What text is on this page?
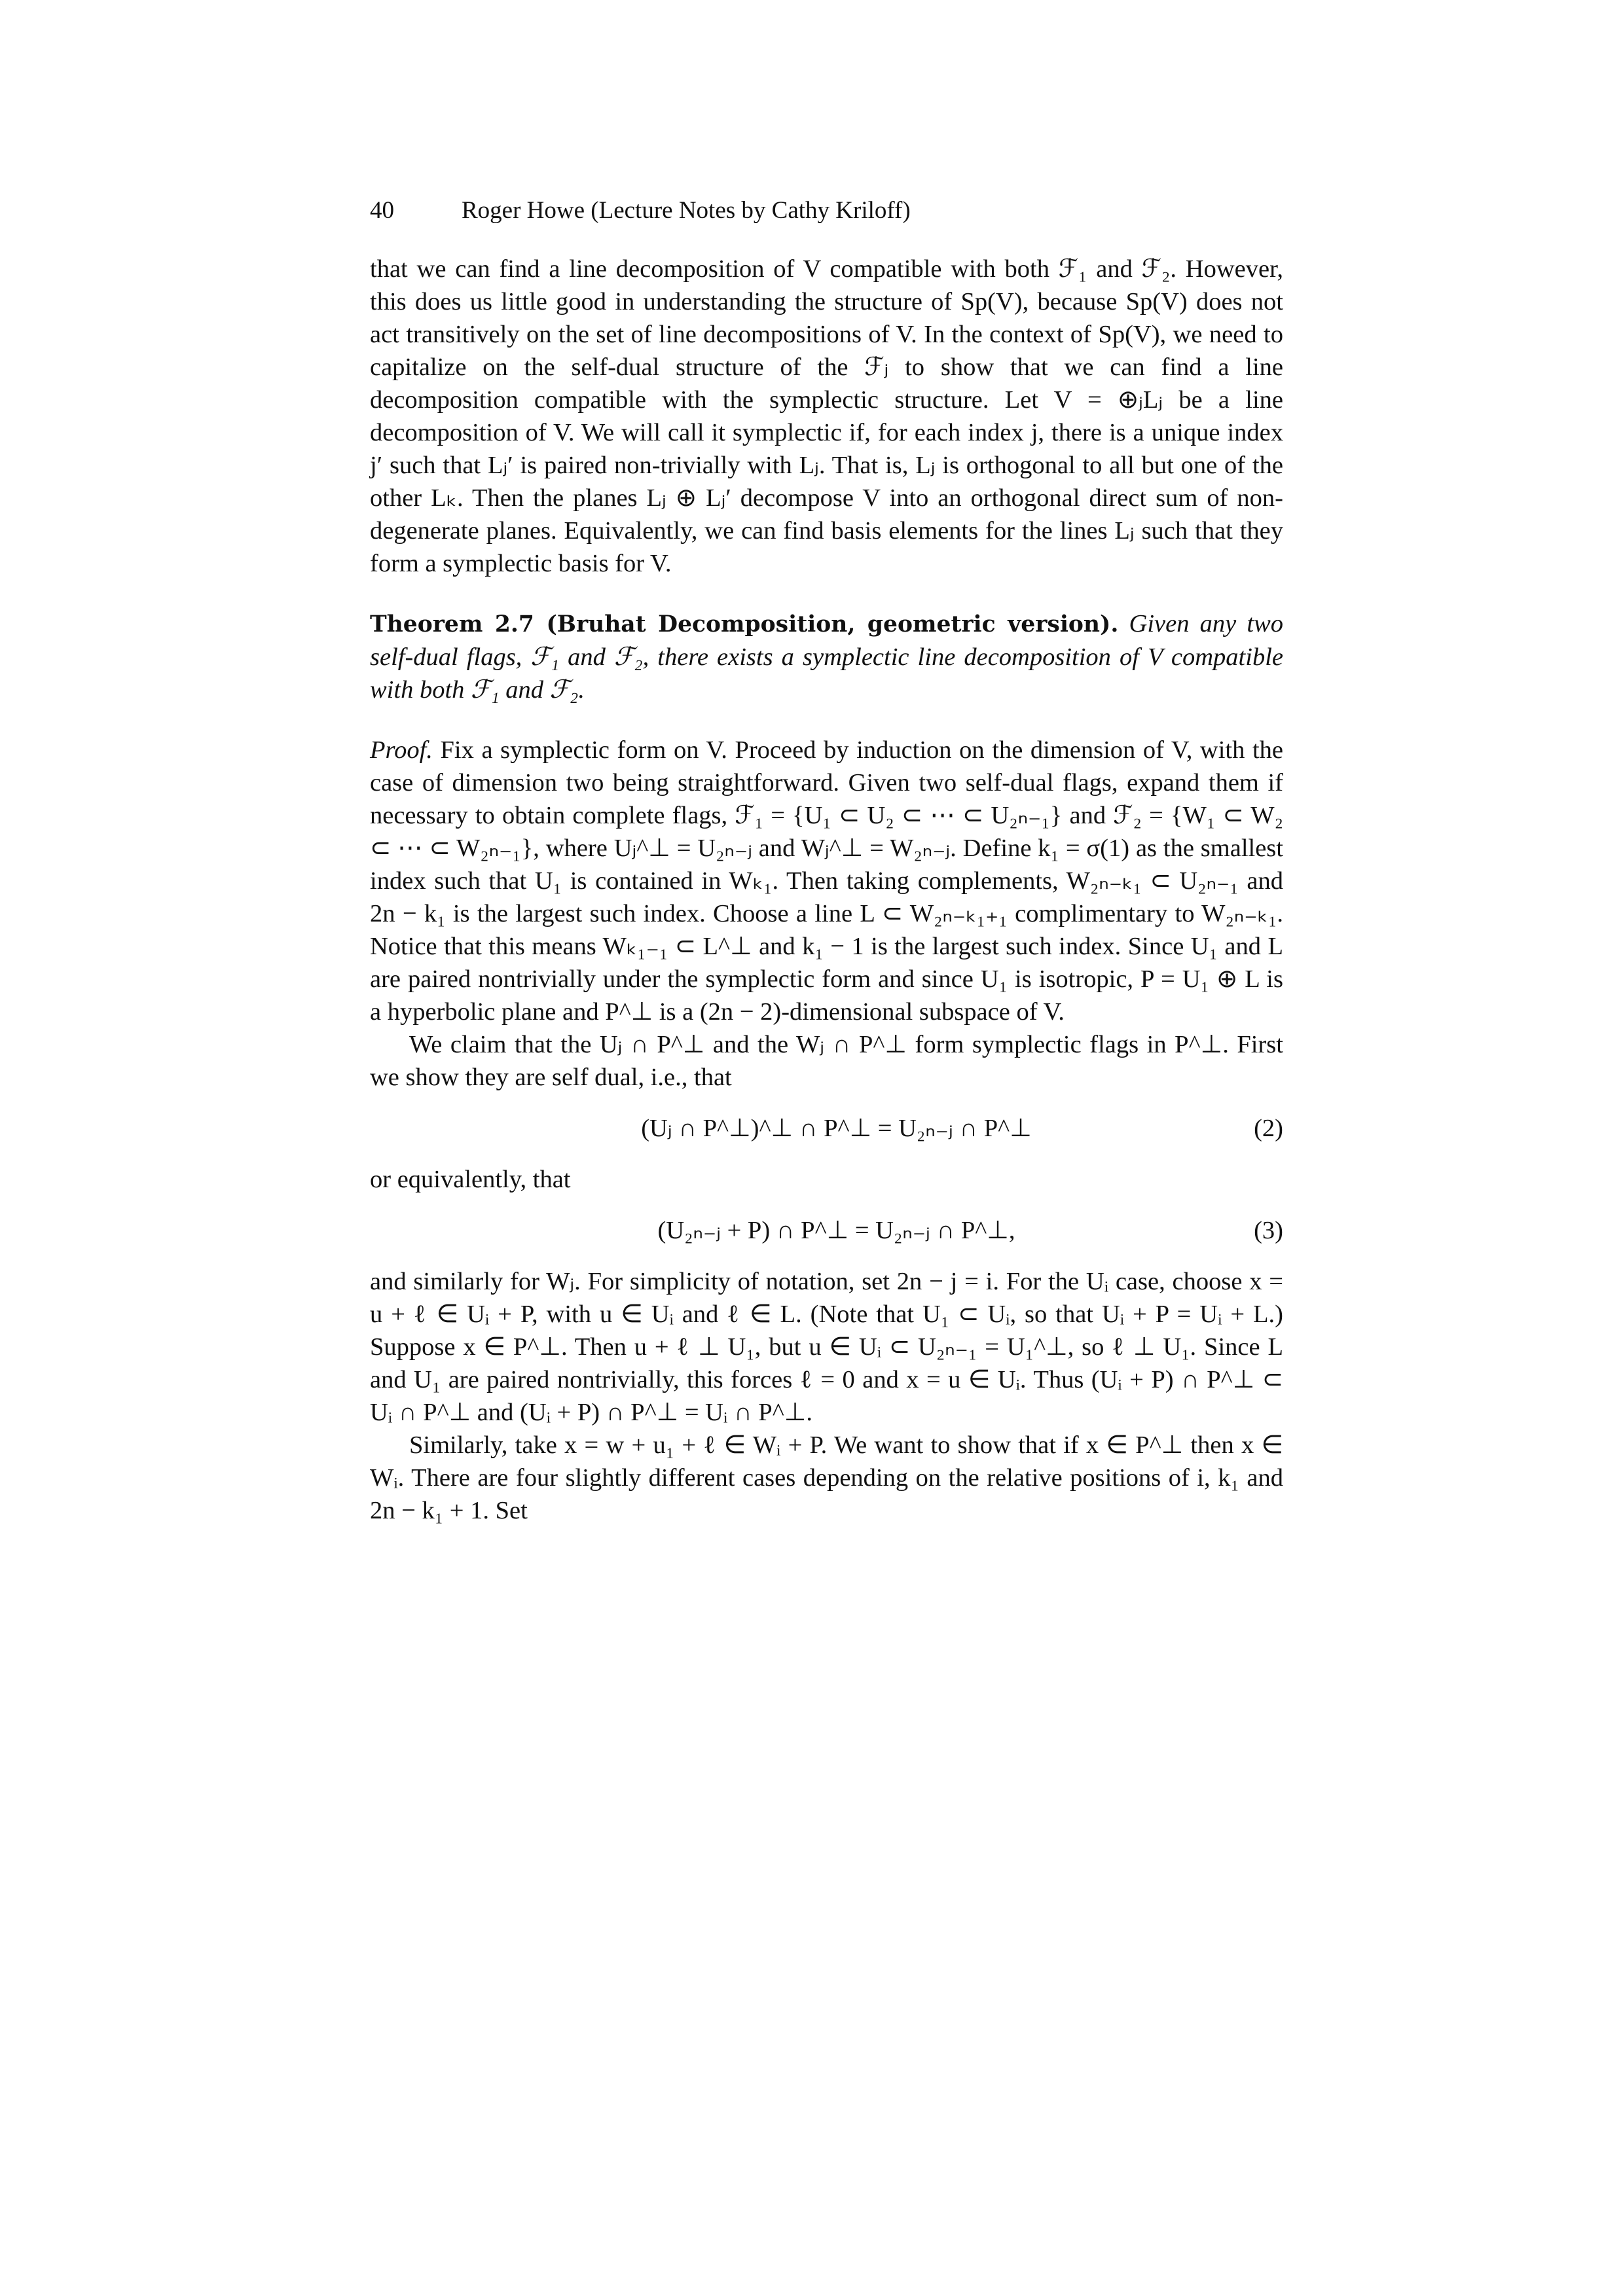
40	Roger Howe (Lecture Notes by Cathy Kriloff)

that we can find a line decomposition of V compatible with both ℱ₁ and ℱ₂. However, this does us little good in understanding the structure of Sp(V), because Sp(V) does not act transitively on the set of line decompositions of V. In the context of Sp(V), we need to capitalize on the self-dual structure of the ℱⱼ to show that we can find a line decomposition compatible with the symplectic structure. Let V = ⊕ⱼLⱼ be a line decomposition of V. We will call it symplectic if, for each index j, there is a unique index j′ such that Lⱼ′ is paired non-trivially with Lⱼ. That is, Lⱼ is orthogonal to all but one of the other Lₖ. Then the planes Lⱼ ⊕ Lⱼ′ decompose V into an orthogonal direct sum of non-degenerate planes. Equivalently, we can find basis elements for the lines Lⱼ such that they form a symplectic basis for V.

Theorem 2.7 (Bruhat Decomposition, geometric version). Given any two self-dual flags, ℱ₁ and ℱ₂, there exists a symplectic line decomposition of V compatible with both ℱ₁ and ℱ₂.

Proof. Fix a symplectic form on V. Proceed by induction on the dimension of V, with the case of dimension two being straightforward. Given two self-dual flags, expand them if necessary to obtain complete flags, ℱ₁ = {U₁ ⊂ U₂ ⊂ ⋯ ⊂ U₂ₙ₋₁} and ℱ₂ = {W₁ ⊂ W₂ ⊂ ⋯ ⊂ W₂ₙ₋₁}, where Uⱼ^⊥ = U₂ₙ₋ⱼ and Wⱼ^⊥ = W₂ₙ₋ⱼ. Define k₁ = σ(1) as the smallest index such that U₁ is contained in Wₖ₁. Then taking complements, W₂ₙ₋ₖ₁ ⊂ U₂ₙ₋₁ and 2n − k₁ is the largest such index. Choose a line L ⊂ W₂ₙ₋ₖ₁₊₁ complimentary to W₂ₙ₋ₖ₁. Notice that this means Wₖ₁₋₁ ⊂ L^⊥ and k₁ − 1 is the largest such index. Since U₁ and L are paired nontrivially under the symplectic form and since U₁ is isotropic, P = U₁ ⊕ L is a hyperbolic plane and P^⊥ is a (2n − 2)-dimensional subspace of V.

We claim that the Uⱼ ∩ P^⊥ and the Wⱼ ∩ P^⊥ form symplectic flags in P^⊥. First we show they are self dual, i.e., that

(Uⱼ ∩ P^⊥)^⊥ ∩ P^⊥ = U₂ₙ₋ⱼ ∩ P^⊥	(2)

or equivalently, that

(U₂ₙ₋ⱼ + P) ∩ P^⊥ = U₂ₙ₋ⱼ ∩ P^⊥,	(3)

and similarly for Wⱼ. For simplicity of notation, set 2n − j = i. For the Uᵢ case, choose x = u + ℓ ∈ Uᵢ + P, with u ∈ Uᵢ and ℓ ∈ L. (Note that U₁ ⊂ Uᵢ, so that Uᵢ + P = Uᵢ + L.) Suppose x ∈ P^⊥. Then u + ℓ ⊥ U₁, but u ∈ Uᵢ ⊂ U₂ₙ₋₁ = U₁^⊥, so ℓ ⊥ U₁. Since L and U₁ are paired nontrivially, this forces ℓ = 0 and x = u ∈ Uᵢ. Thus (Uᵢ + P) ∩ P^⊥ ⊂ Uᵢ ∩ P^⊥ and (Uᵢ + P) ∩ P^⊥ = Uᵢ ∩ P^⊥.

Similarly, take x = w + u₁ + ℓ ∈ Wᵢ + P. We want to show that if x ∈ P^⊥ then x ∈ Wᵢ. There are four slightly different cases depending on the relative positions of i, k₁ and 2n − k₁ + 1. Set
